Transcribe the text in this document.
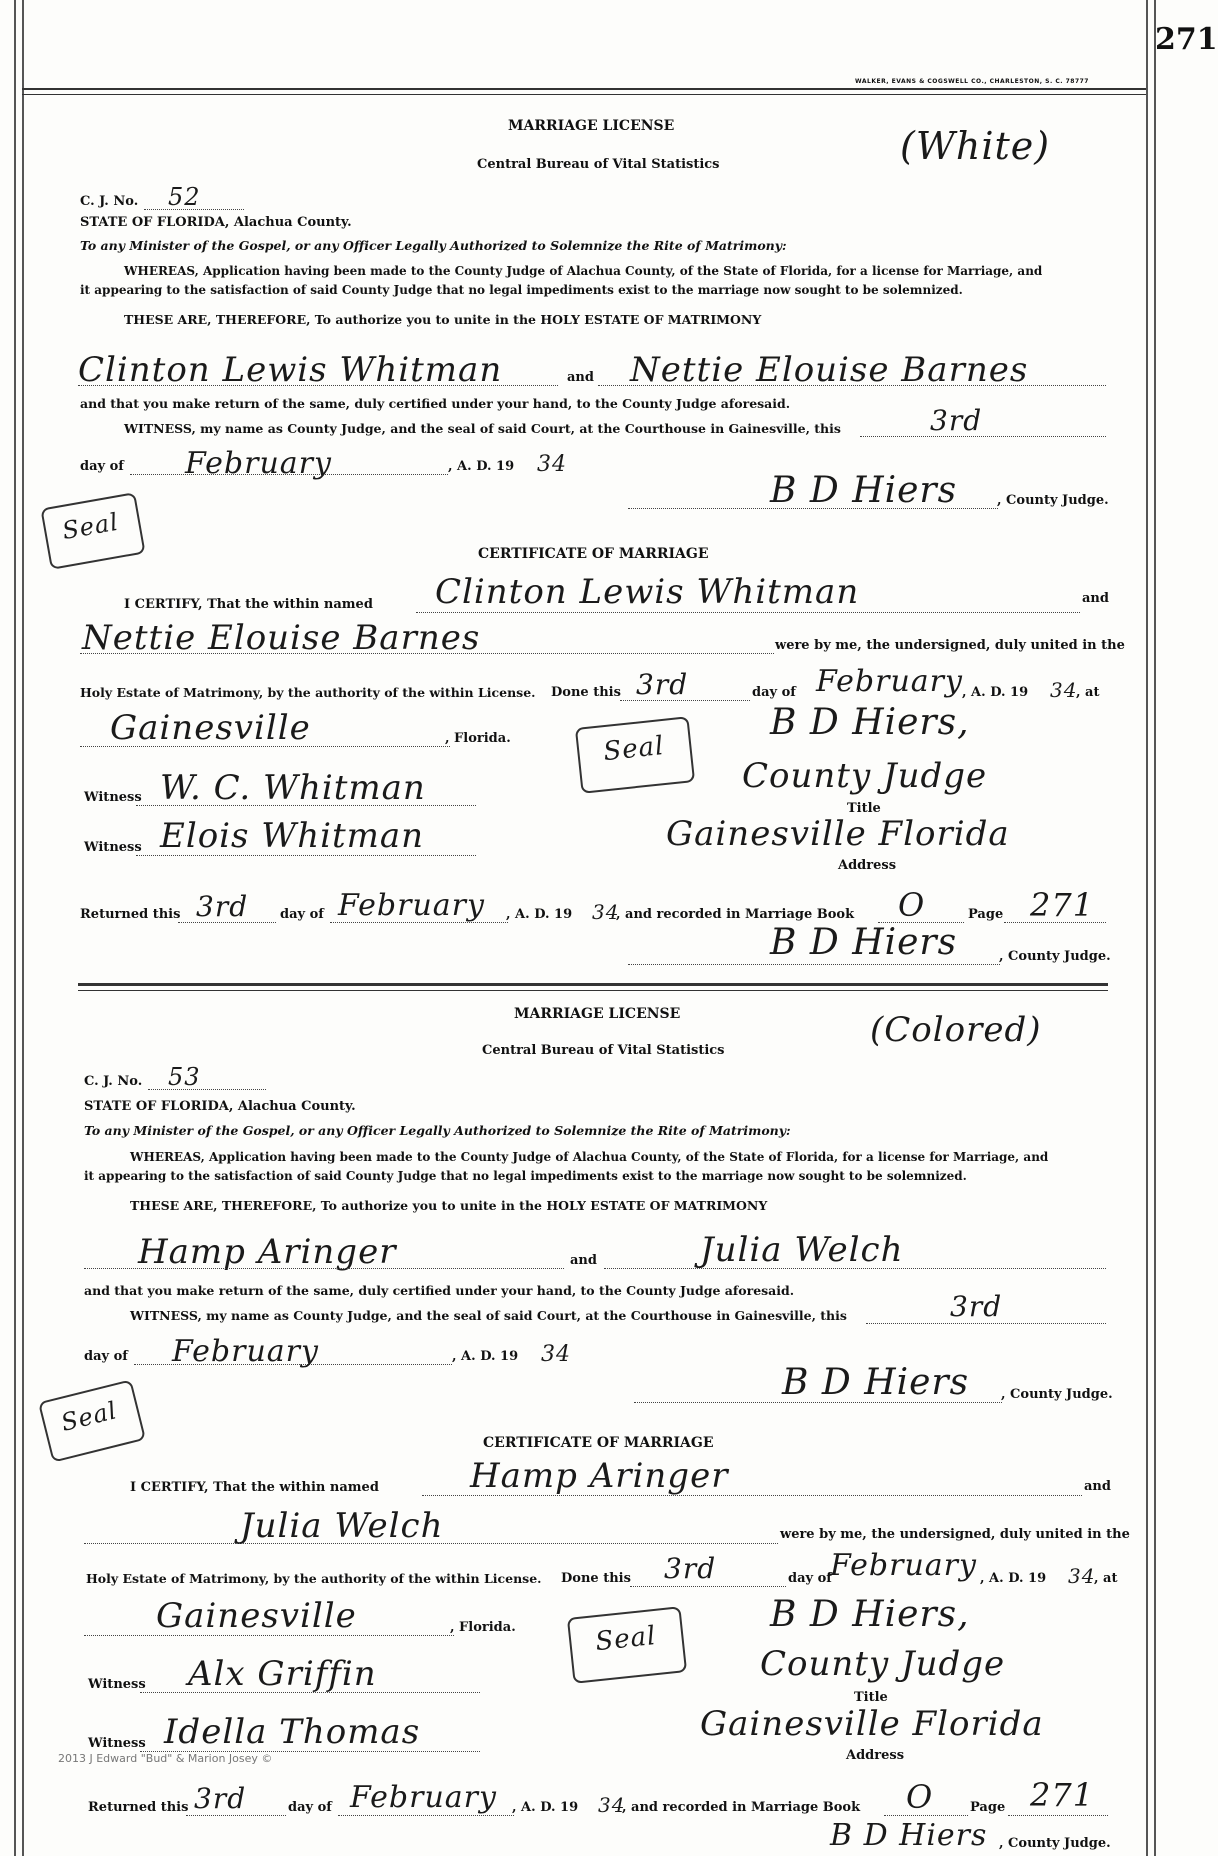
271
WALKER, EVANS & COGSWELL CO., CHARLESTON, S. C. 78777
MARRIAGE LICENSE
Central Bureau of Vital Statistics	(White)
C. J. No. 52
STATE OF FLORIDA, Alachua County.
To any Minister of the Gospel, or any Officer Legally Authorized to Solemnize the Rite of Matrimony:
WHEREAS, Application having been made to the County Judge of Alachua County, of the State of Florida, for a license for Marriage, and
it appearing to the satisfaction of said County Judge that no legal impediments exist to the marriage now sought to be solemnized.
THESE ARE, THEREFORE, To authorize you to unite in the HOLY ESTATE OF MATRIMONY
Clinton Lewis Whitman	and Nettie Elouise Barnes
and that you make return of the same, duly certified under your hand, to the County Judge aforesaid.
WITNESS, my name as County Judge, and the seal of said Court, at the Courthouse in Gainesville, this	3rd
day of February	, A. D. 19 34
B D Hiers	, County Judge.
Seal
CERTIFICATE OF MARRIAGE
I CERTIFY, That the within named Clinton Lewis Whitman	and
Nettie Elouise Barnes	were by me, the undersigned, duly united in the
Holy Estate of Matrimony, by the authority of the within License. Done this 3rd	day of February , A. D. 19 34
, at
Gainesville	, Florida.	Seal
B D Hiers,
County Judge
Title
Gainesville Florida
Address
Witness W. C. Whitman
Witness Elois Whitman
Returned this 3rd day of February , A. D. 19 34
, and recorded in Marriage Book O	Page 271
B D Hiers	, County Judge.
MARRIAGE LICENSE
Central Bureau of Vital Statistics
(Colored)
C. J. No. 53
STATE OF FLORIDA, Alachua County.
To any Minister of the Gospel, or any Officer Legally Authorized to Solemnize the Rite of Matrimony:
WHEREAS, Application having been made to the County Judge of Alachua County, of the State of Florida, for a license for Marriage, and
it appearing to the satisfaction of said County Judge that no legal impediments exist to the marriage now sought to be solemnized.
THESE ARE, THEREFORE, To authorize you to unite in the HOLY ESTATE OF MATRIMONY
Hamp Aringer	and	Julia Welch
and that you make return of the same, duly certified under your hand, to the County Judge aforesaid.
WITNESS, my name as County Judge, and the seal of said Court, at the Courthouse in Gainesville, this	3rd
day of February	, A. D. 19 34
B D Hiers , County Judge.
Seal
CERTIFICATE OF MARRIAGE
I CERTIFY, That the within named	Hamp Aringer	and
Julia Welch	were by me, the undersigned, duly united in the
Holy Estate of Matrimony, by the authority of the within License. Done this 3rd	day of
February , A. D. 19 34
, at
Gainesville	, Florida.	Seal
B D Hiers,
County Judge
Title
Gainesville Florida
Address
Witness Alx Griffin
Witness Idella Thomas
2013 J Edward "Bud" & Marion Josey ©
Returned this 3rd	day of February , A. D. 19 34
, and recorded in Marriage Book O	Page 271
B D Hiers , County Judge.
